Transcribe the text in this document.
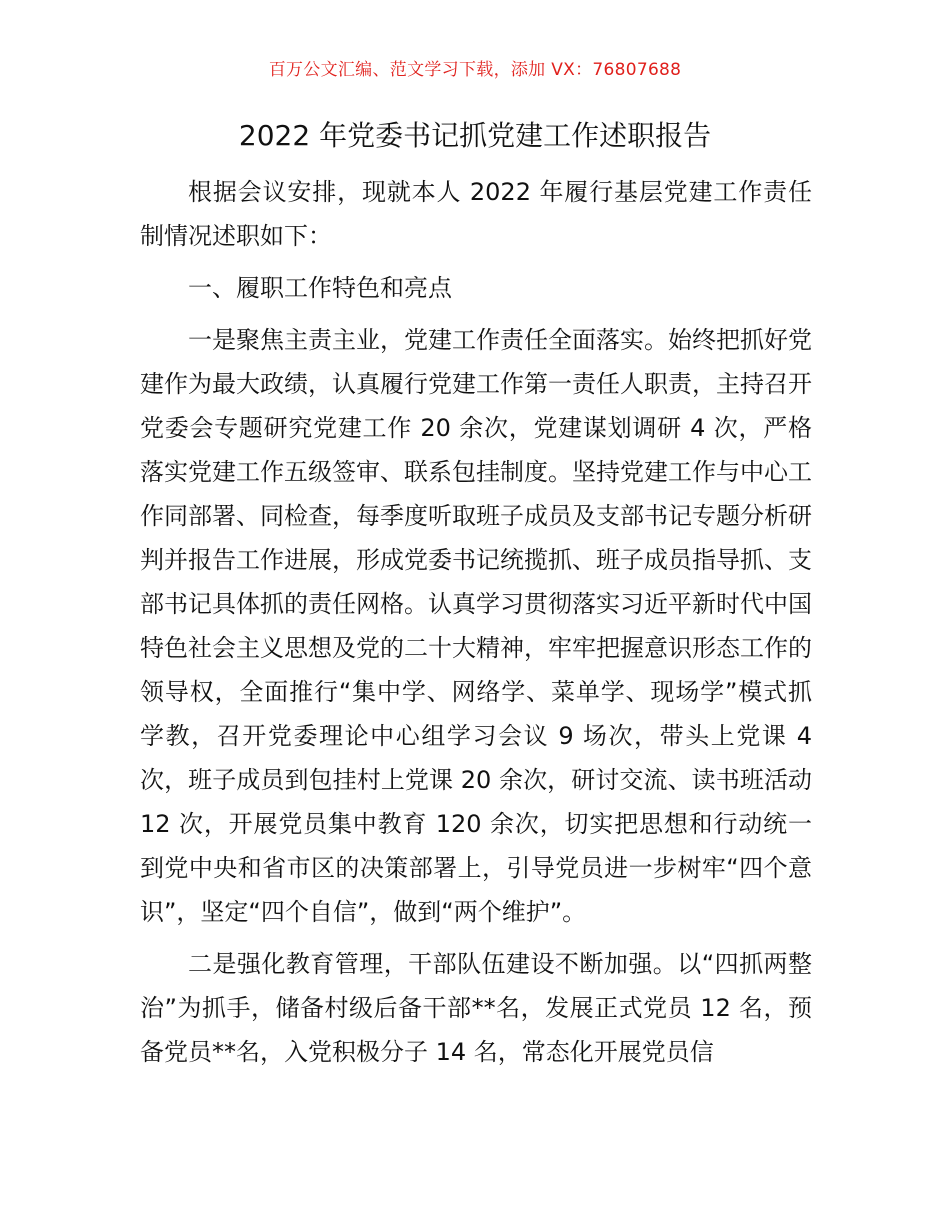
百万公文汇编、范文学习下载，添加 VX：76807688
2022 年党委书记抓党建工作述职报告

根据会议安排，现就本人 2022 年履行基层党建工作责任制情况述职如下：

一、履职工作特色和亮点

一是聚焦主责主业，党建工作责任全面落实。始终把抓好党建作为最大政绩，认真履行党建工作第一责任人职责，主持召开党委会专题研究党建工作 20 余次，党建谋划调研 4 次，严格落实党建工作五级签审、联系包挂制度。坚持党建工作与中心工作同部署、同检查，每季度听取班子成员及支部书记专题分析研判并报告工作进展，形成党委书记统揽抓、班子成员指导抓、支部书记具体抓的责任网格。认真学习贯彻落实习近平新时代中国特色社会主义思想及党的二十大精神，牢牢把握意识形态工作的领导权，全面推行“集中学、网络学、菜单学、现场学”模式抓学教，召开党委理论中心组学习会议 9 场次，带头上党课 4 次，班子成员到包挂村上党课 20 余次，研讨交流、读书班活动 12 次，开展党员集中教育 120 余次，切实把思想和行动统一到党中央和省市区的决策部署上，引导党员进一步树牢“四个意识”，坚定“四个自信”，做到“两个维护”。

二是强化教育管理，干部队伍建设不断加强。以“四抓两整治”为抓手，储备村级后备干部**名，发展正式党员 12 名，预备党员**名，入党积极分子 14 名，常态化开展党员信
